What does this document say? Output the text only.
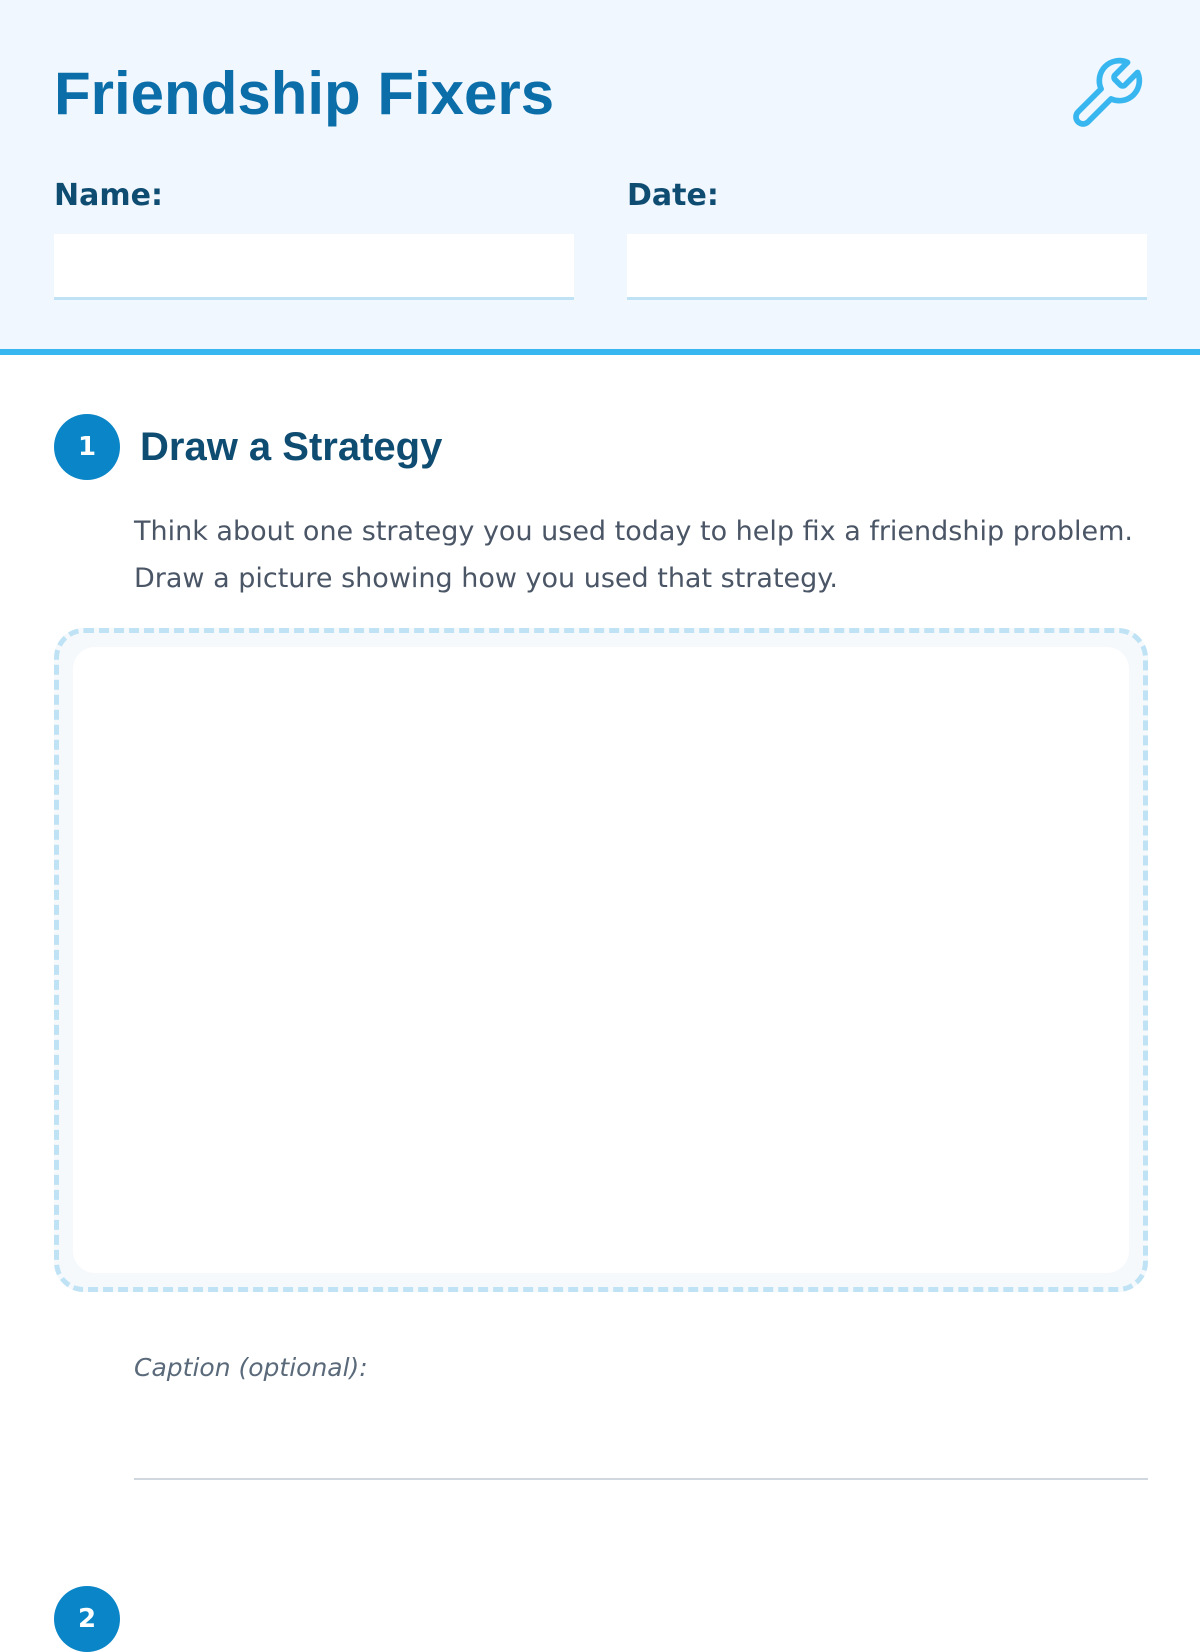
Friendship Fixers
Name:	Date:
1	Draw a Strategy

Think about one strategy you used today to help fix a friendship problem.
Draw a picture showing how you used that strategy.

Caption (optional):
2
